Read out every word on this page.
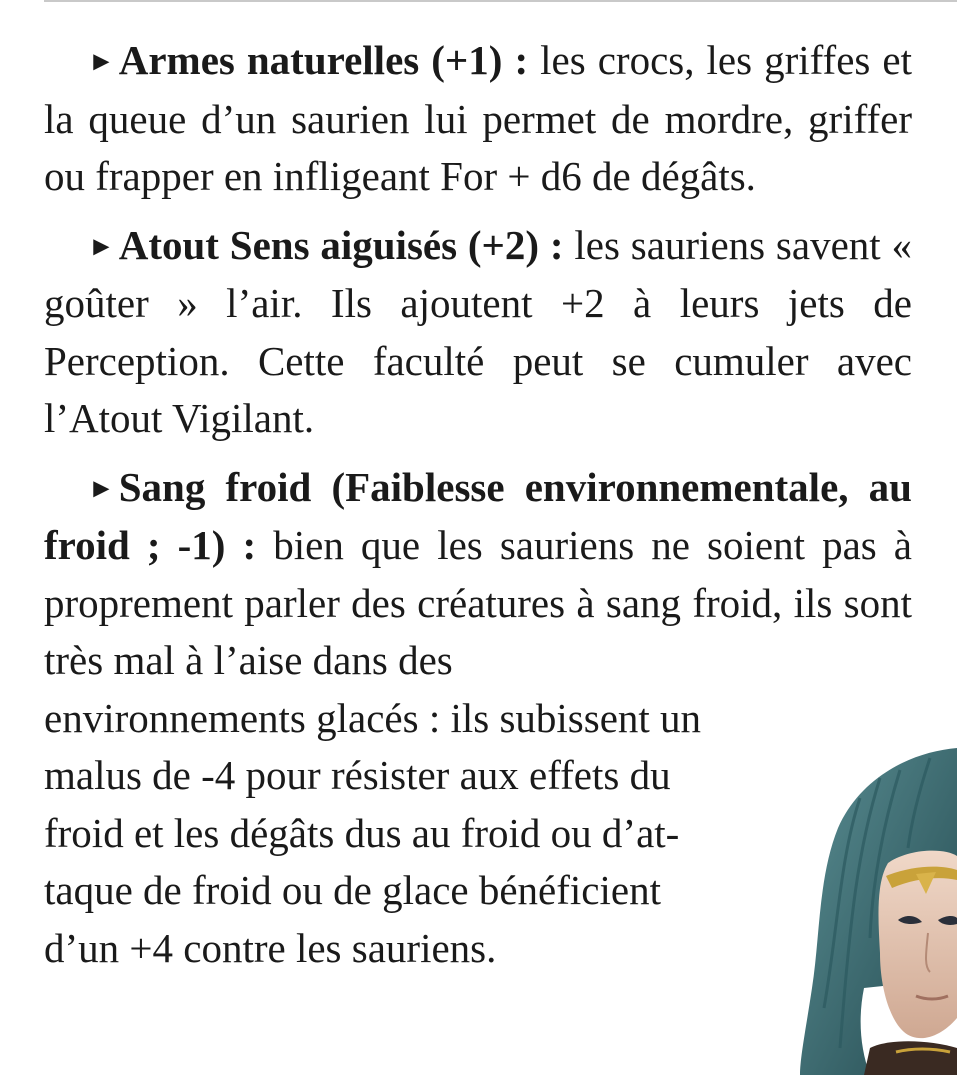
►Armes naturelles (+1) : les crocs, les griffes et la queue d’un saurien lui permet de mordre, griffer ou frapper en infligeant For + d6 de dégâts.

►Atout Sens aiguisés (+2) : les sauriens savent « goûter » l’air. Ils ajoutent +2 à leurs jets de Perception. Cette faculté peut se cumuler avec l’Atout Vigilant.

►Sang froid (Faiblesse environnementale, au froid ; -1) : bien que les sauriens ne soient pas à proprement parler des créatures à sang froid, ils sont très mal à l’aise dans des
environnements glacés : ils subissent un
malus de -4 pour résister aux effets du
froid et les dégâts dus au froid ou d’at-
taque de froid ou de glace bénéficient
d’un +4 contre les sauriens.
